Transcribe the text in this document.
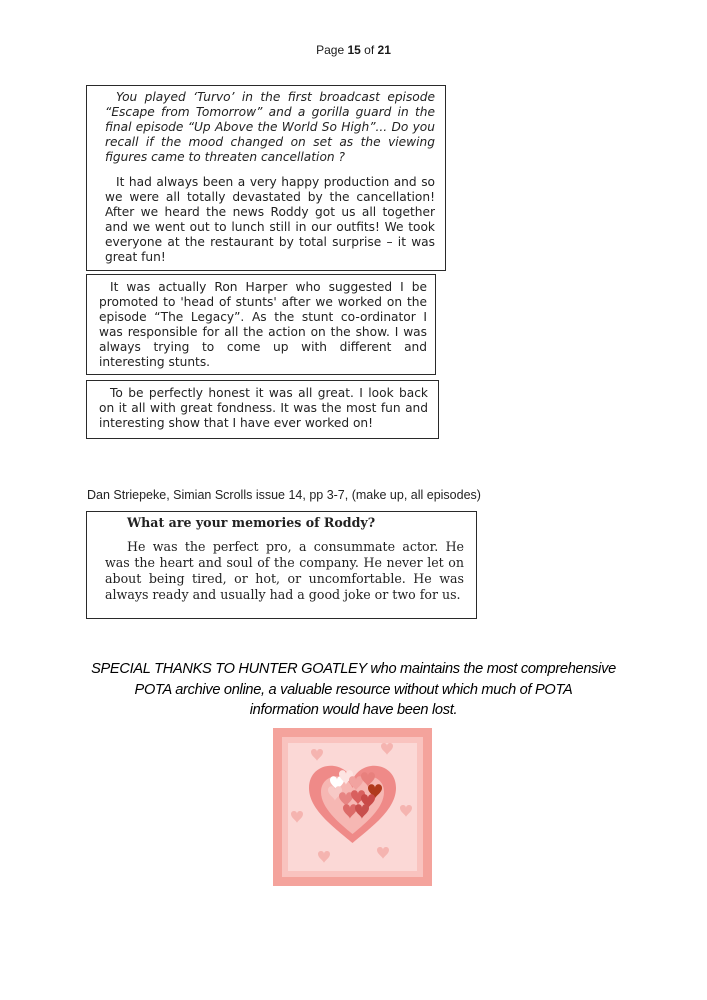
Page 15 of 21

You played ‘Turvo’ in the first broadcast episode “Escape from Tomorrow” and a gorilla guard in the final episode “Up Above the World So High”... Do you recall if the mood changed on set as the viewing figures came to threaten cancellation ?

It had always been a very happy production and so we were all totally devastated by the cancellation! After we heard the news Roddy got us all together and we went out to lunch still in our outfits! We took everyone at the restaurant by total surprise – it was great fun!

It was actually Ron Harper who suggested I be promoted to 'head of stunts' after we worked on the episode “The Legacy”. As the stunt co-ordinator I was responsible for all the action on the show. I was always trying to come up with different and interesting stunts.

To be perfectly honest it was all great. I look back on it all with great fondness. It was the most fun and interesting show that I have ever worked on!

Dan Striepeke, Simian Scrolls issue 14, pp 3-7, (make up, all episodes)

What are your memories of Roddy?

He was the perfect pro, a consummate actor. He was the heart and soul of the company. He never let on about being tired, or hot, or uncomfortable. He was always ready and usually had a good joke or two for us.

SPECIAL THANKS TO HUNTER GOATLEY who maintains the most comprehensive
POTA archive online, a valuable resource without which much of POTA
information would have been lost.
